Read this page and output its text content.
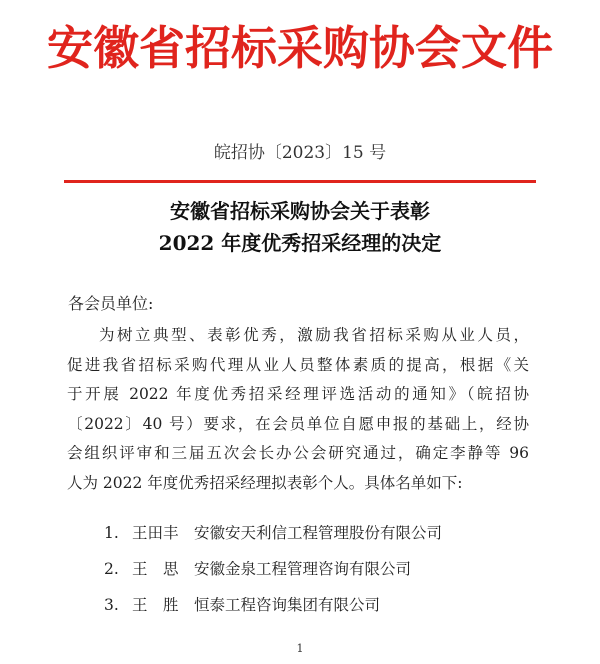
安徽省招标采购协会文件
皖招协〔2023〕15 号
安徽省招标采购协会关于表彰
2022 年度优秀招采经理的决定
各会员单位:
为树立典型、表彰优秀，激励我省招标采购从业人员，
促进我省招标采购代理从业人员整体素质的提高，根据《关
于开展 2022 年度优秀招采经理评选活动的通知》（皖招协
〔2022〕40 号）要求，在会员单位自愿申报的基础上，经协
会组织评审和三届五次会长办公会研究通过，确定李静等 96
人为 2022 年度优秀招采经理拟表彰个人。具体名单如下:
1. 王田丰 安徽安天利信工程管理股份有限公司
2. 王　思 安徽金泉工程管理咨询有限公司
3. 王　胜 恒泰工程咨询集团有限公司
1
